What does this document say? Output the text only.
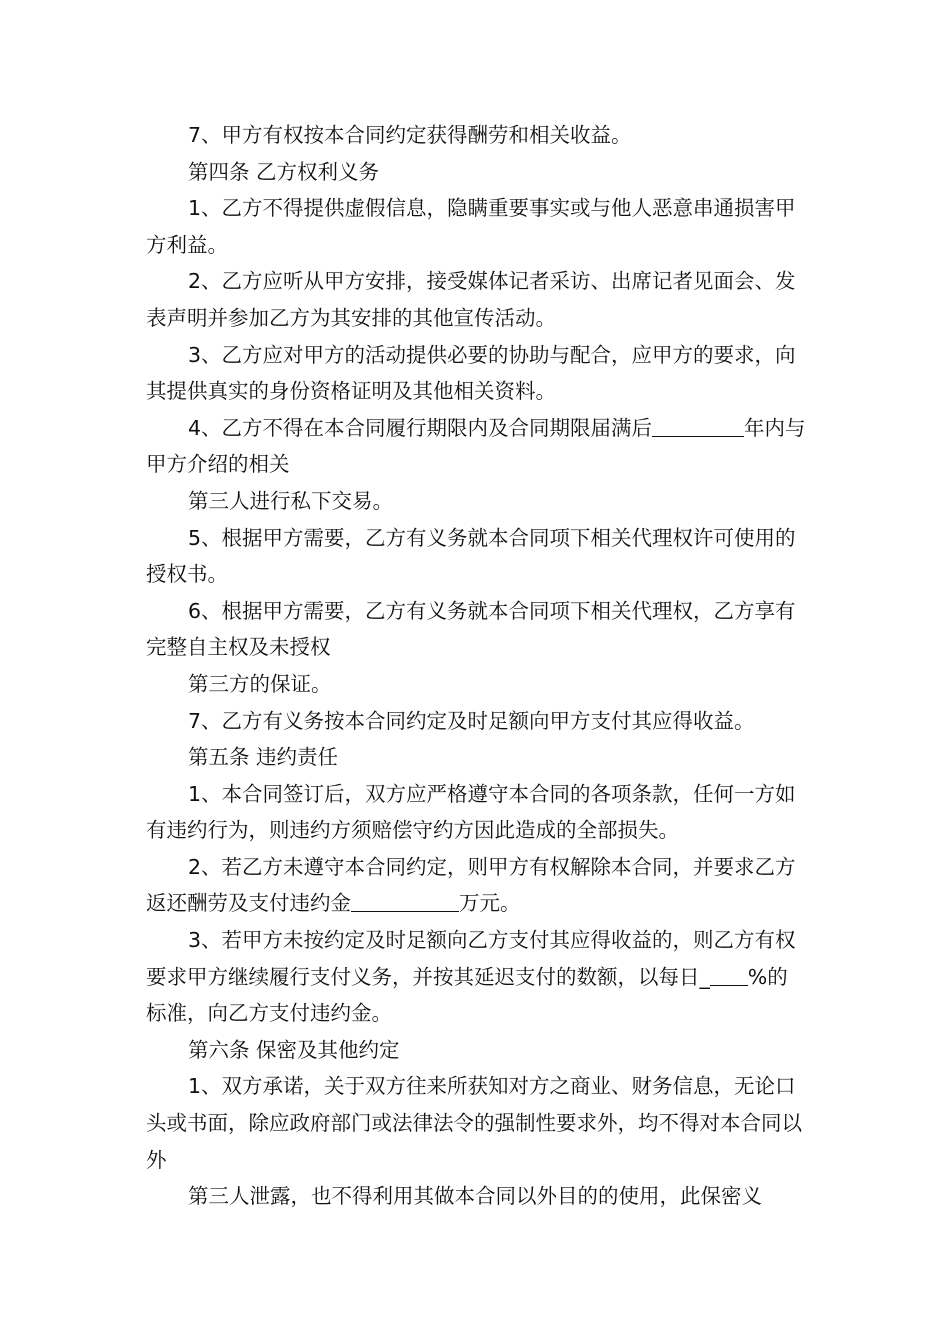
7、甲方有权按本合同约定获得酬劳和相关收益。

第四条 乙方权利义务

1、乙方不得提供虚假信息，隐瞒重要事实或与他人恶意串通损害甲方利益。

2、乙方应听从甲方安排，接受媒体记者采访、出席记者见面会、发表声明并参加乙方为其安排的其他宣传活动。

3、乙方应对甲方的活动提供必要的协助与配合，应甲方的要求，向其提供真实的身份资格证明及其他相关资料。

4、乙方不得在本合同履行期限内及合同期限届满后	年内与甲方介绍的相关

第三人进行私下交易。

5、根据甲方需要，乙方有义务就本合同项下相关代理权许可使用的授权书。

6、根据甲方需要，乙方有义务就本合同项下相关代理权，乙方享有完整自主权及未授权

第三方的保证。

7、乙方有义务按本合同约定及时足额向甲方支付其应得收益。

第五条 违约责任

1、本合同签订后，双方应严格遵守本合同的各项条款，任何一方如有违约行为，则违约方须赔偿守约方因此造成的全部损失。

2、若乙方未遵守本合同约定，则甲方有权解除本合同，并要求乙方返还酬劳及支付违约金	万元。

3、若甲方未按约定及时足额向乙方支付其应得收益的，则乙方有权要求甲方继续履行支付义务，并按其延迟支付的数额，以每日_ %的标准，向乙方支付违约金。

第六条 保密及其他约定

1、双方承诺，关于双方往来所获知对方之商业、财务信息，无论口头或书面，除应政府部门或法律法令的强制性要求外，均不得对本合同以外

第三人泄露，也不得利用其做本合同以外目的的使用，此保密义
